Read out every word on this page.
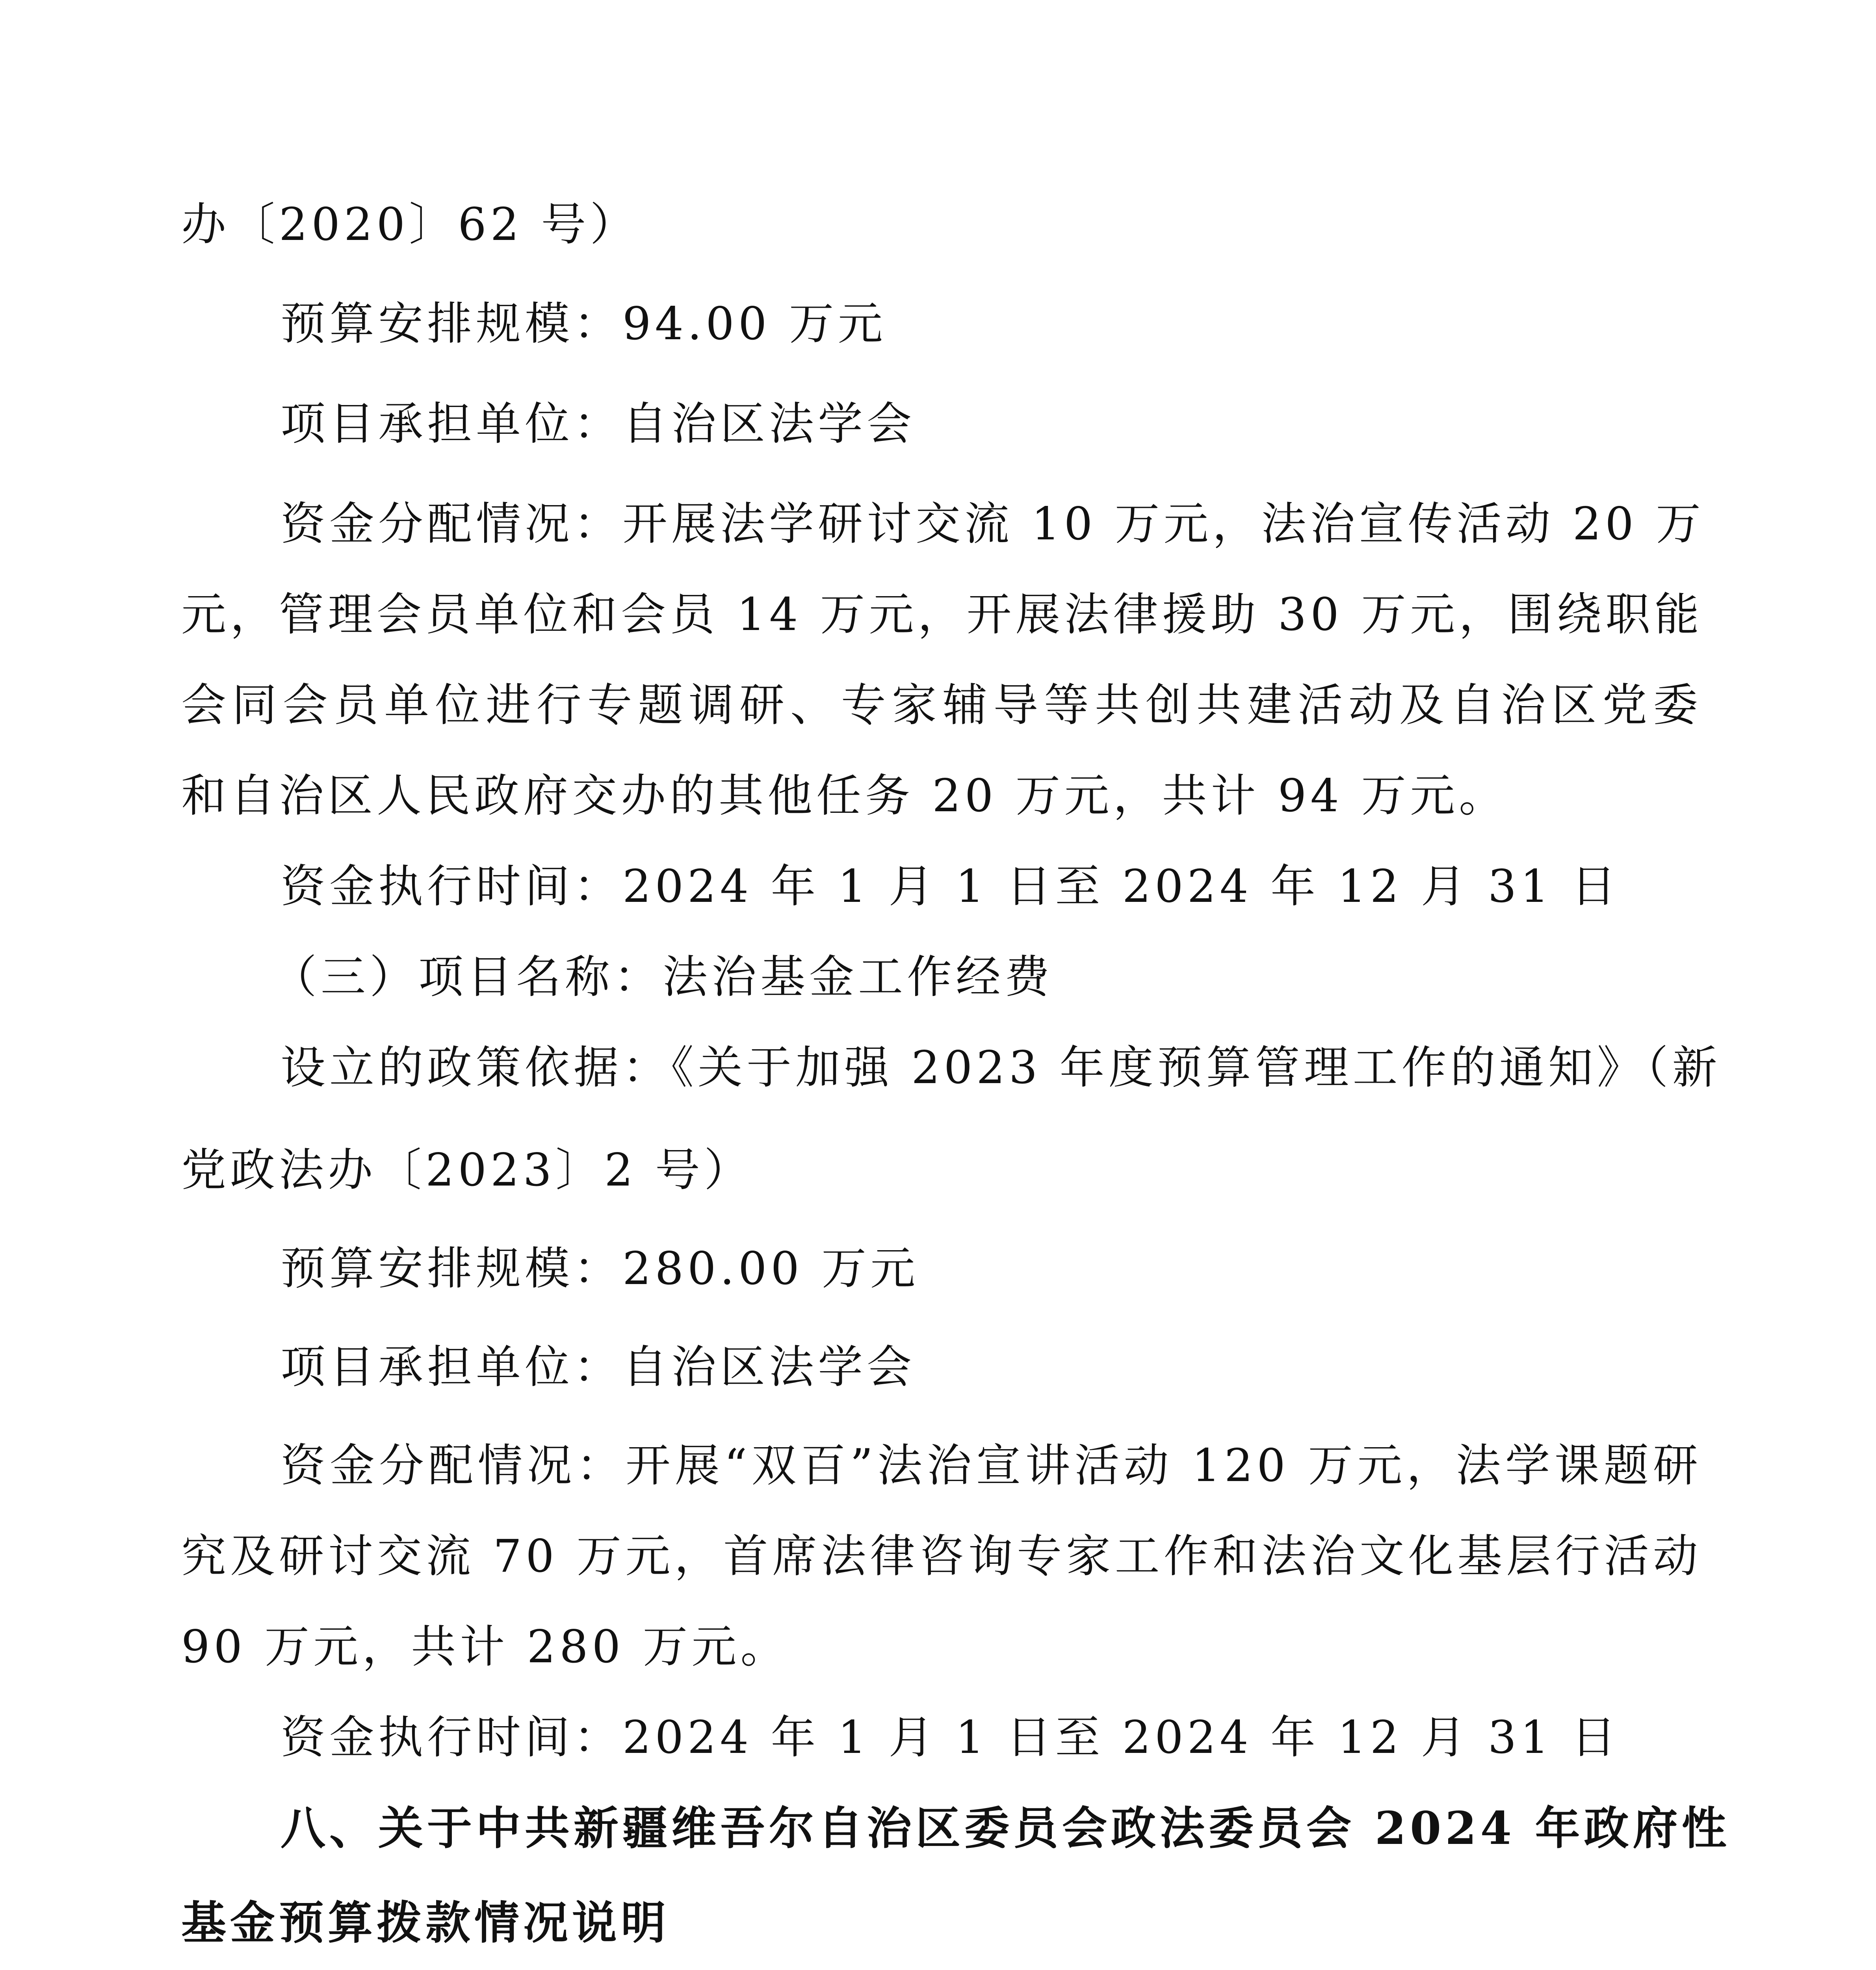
办〔2020〕62 号）
预算安排规模：94.00 万元
项目承担单位：自治区法学会
资金分配情况：开展法学研讨交流 10 万元，法治宣传活动 20 万
元，管理会员单位和会员 14 万元，开展法律援助 30 万元，围绕职能
会同会员单位进行专题调研、专家辅导等共创共建活动及自治区党委
和自治区人民政府交办的其他任务 20 万元，共计 94 万元。
资金执行时间：2024 年 1 月 1 日至 2024 年 12 月 31 日
（三）项目名称：法治基金工作经费
设立的政策依据：《关于加强 2023 年度预算管理工作的通知》（新
党政法办〔2023〕2 号）
预算安排规模：280.00 万元
项目承担单位：自治区法学会
资金分配情况：开展“双百”法治宣讲活动 120 万元，法学课题研
究及研讨交流 70 万元，首席法律咨询专家工作和法治文化基层行活动
90 万元，共计 280 万元。
资金执行时间：2024 年 1 月 1 日至 2024 年 12 月 31 日
八、关于中共新疆维吾尔自治区委员会政法委员会 2024 年政府性
基金预算拨款情况说明
